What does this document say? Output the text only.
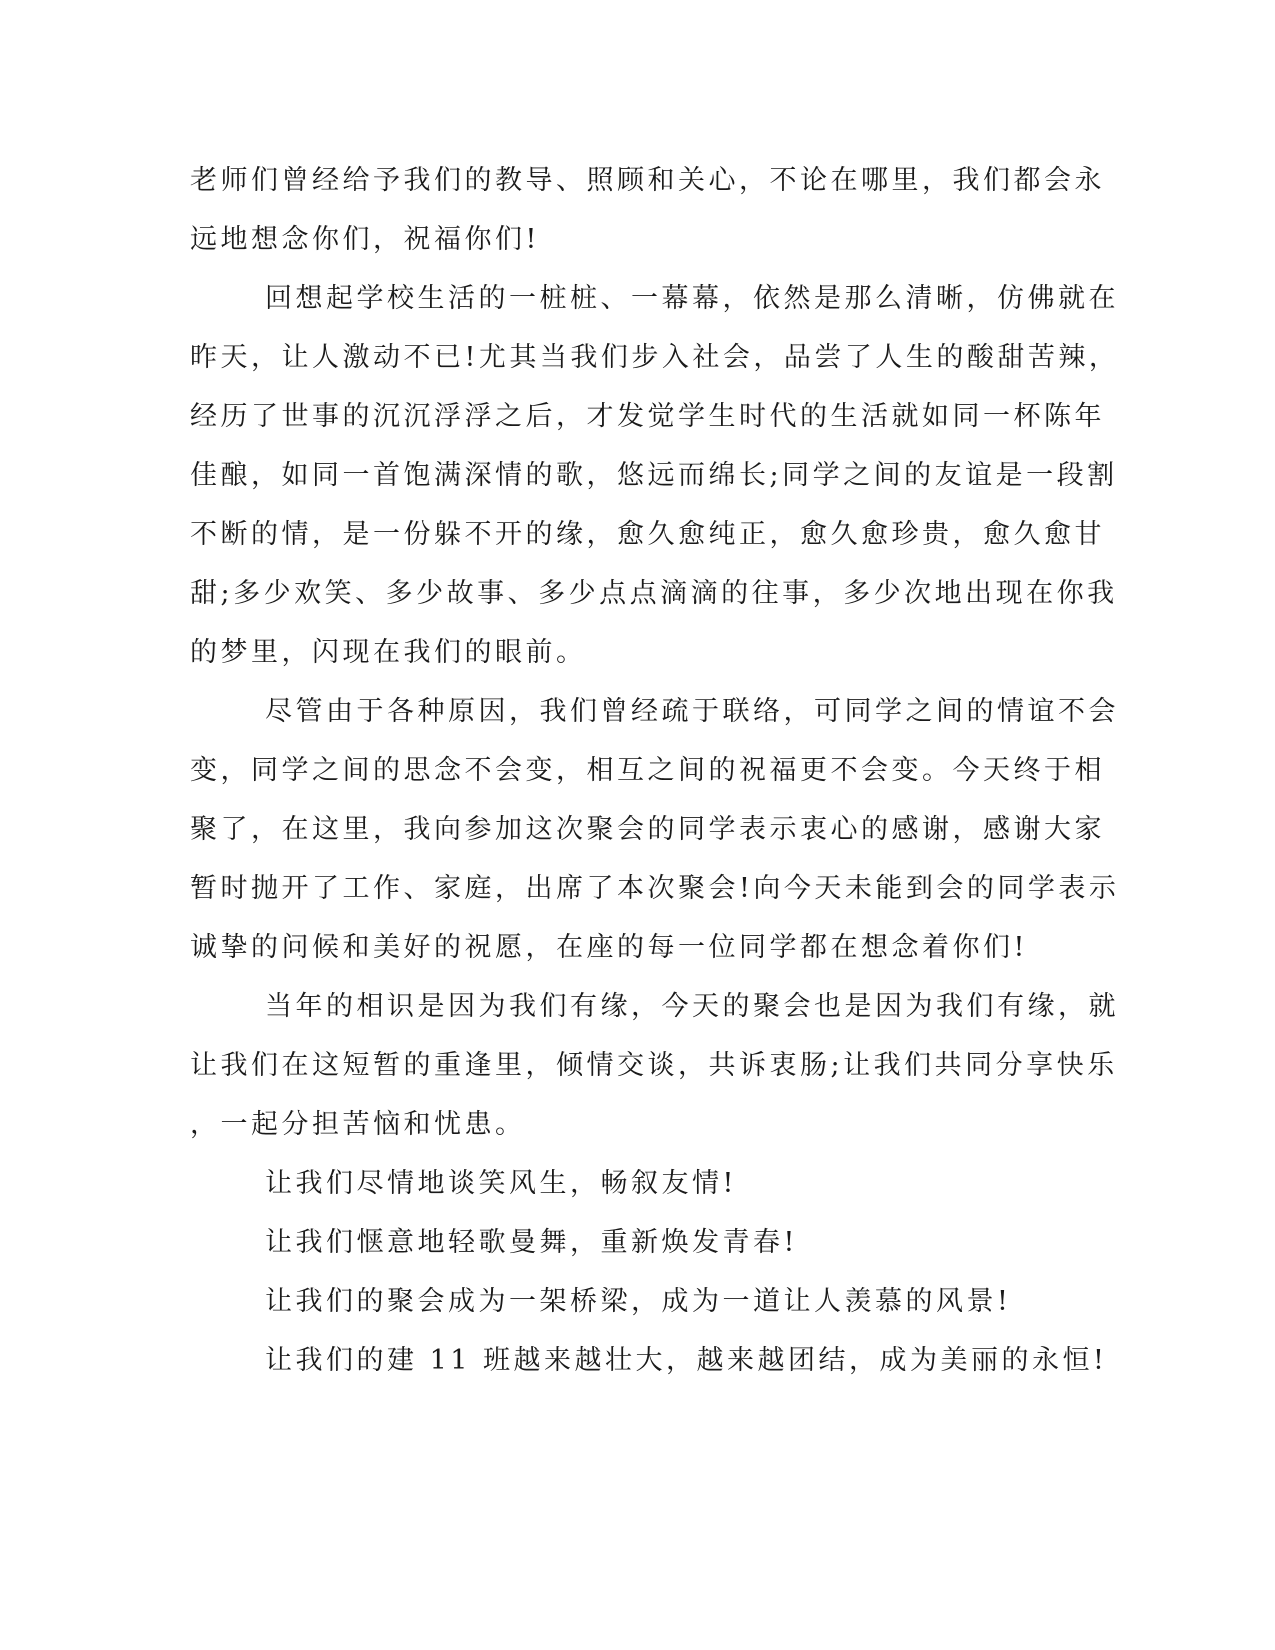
老师们曾经给予我们的教导、照顾和关心，不论在哪里，我们都会永

远地想念你们，祝福你们!

回想起学校生活的一桩桩、一幕幕，依然是那么清晰，仿佛就在

昨天，让人激动不已!尤其当我们步入社会，品尝了人生的酸甜苦辣，

经历了世事的沉沉浮浮之后，才发觉学生时代的生活就如同一杯陈年

佳酿，如同一首饱满深情的歌，悠远而绵长;同学之间的友谊是一段割

不断的情，是一份躲不开的缘，愈久愈纯正，愈久愈珍贵，愈久愈甘

甜;多少欢笑、多少故事、多少点点滴滴的往事，多少次地出现在你我

的梦里，闪现在我们的眼前。

尽管由于各种原因，我们曾经疏于联络，可同学之间的情谊不会

变，同学之间的思念不会变，相互之间的祝福更不会变。今天终于相

聚了，在这里，我向参加这次聚会的同学表示衷心的感谢，感谢大家

暂时抛开了工作、家庭，出席了本次聚会!向今天未能到会的同学表示

诚挚的问候和美好的祝愿，在座的每一位同学都在想念着你们!

当年的相识是因为我们有缘，今天的聚会也是因为我们有缘，就

让我们在这短暂的重逢里，倾情交谈，共诉衷肠;让我们共同分享快乐

，一起分担苦恼和忧患。

让我们尽情地谈笑风生，畅叙友情!

让我们惬意地轻歌曼舞，重新焕发青春!

让我们的聚会成为一架桥梁，成为一道让人羡慕的风景!

让我们的建 11 班越来越壮大，越来越团结，成为美丽的永恒!
